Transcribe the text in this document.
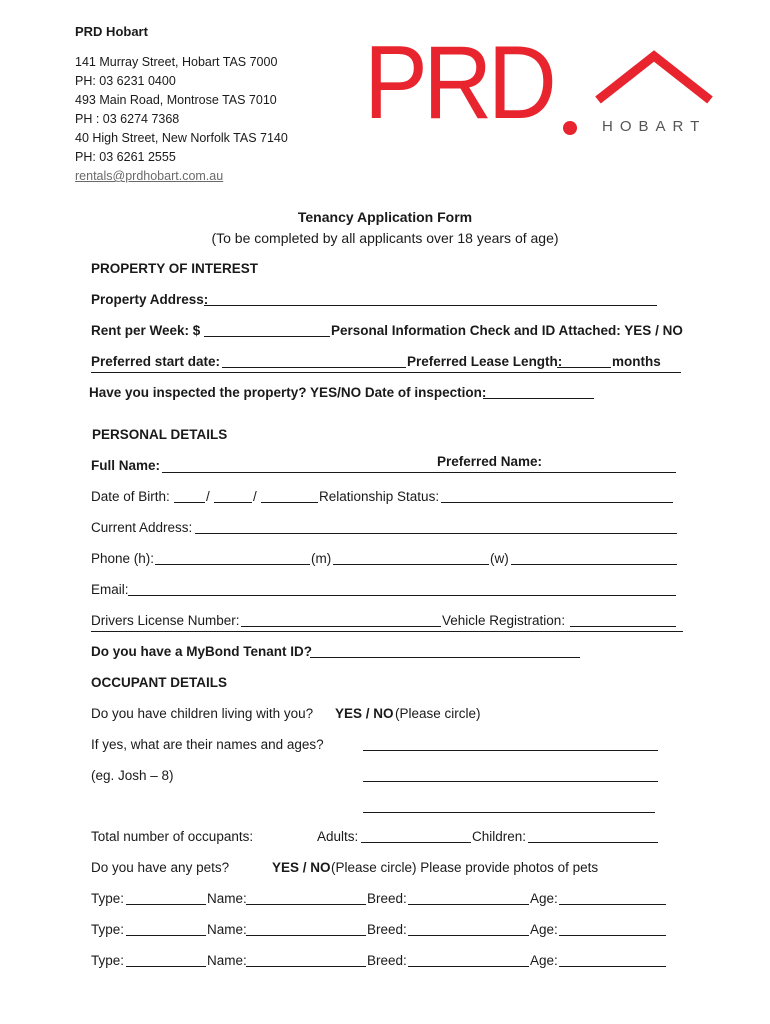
PRD Hobart
141 Murray Street, Hobart TAS 7000
PH: 03 6231 0400
493 Main Road, Montrose TAS 7010
PH : 03 6274 7368
40 High Street, New Norfolk TAS 7140
PH: 03 6261 2555
rentals@prdhobart.com.au
PRD	HOBART
Tenancy Application Form
(To be completed by all applicants over 18 years of age)
PROPERTY OF INTEREST
Property Address:
Rent per Week: $	Personal Information Check and ID Attached: YES / NO
Preferred start date:	Preferred Lease Length:	months
Have you inspected the property? YES/NO Date of inspection:
PERSONAL DETAILS
Full Name:	Preferred Name:
Date of Birth:	/	/	Relationship Status:
Current Address:
Phone (h):	(m)	(w)
Email:
Drivers License Number:	Vehicle Registration:
Do you have a MyBond Tenant ID?
OCCUPANT DETAILS
Do you have children living with you? YES / NO (Please circle)
If yes, what are their names and ages?
(eg. Josh – 8)
Total number of occupants:	Adults:	Children:
Do you have any pets?	YES / NO (Please circle) Please provide photos of pets
Type:	Name:	Breed:	Age:
Type:	Name:	Breed:	Age:
Type:	Name:	Breed:	Age:
